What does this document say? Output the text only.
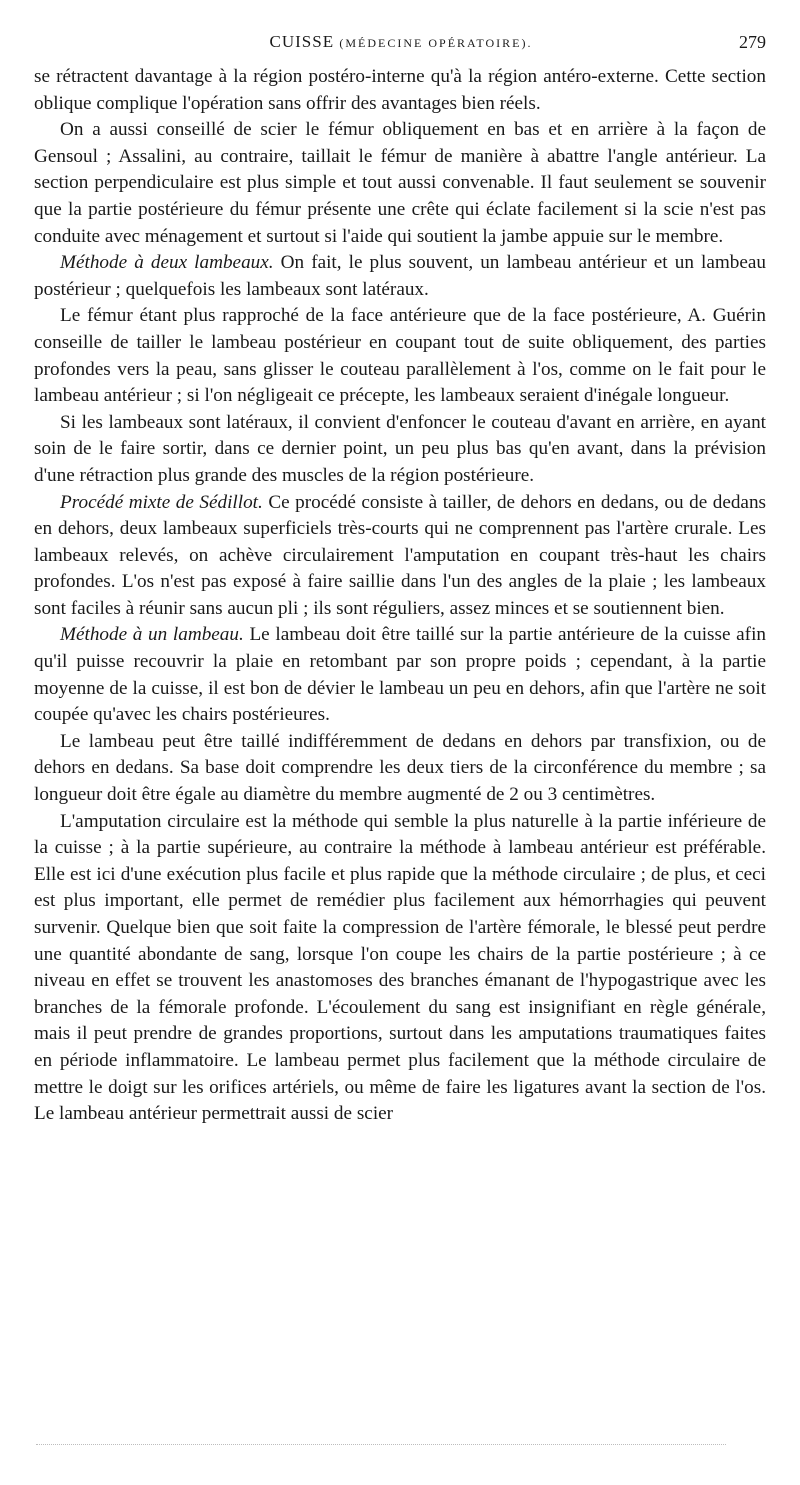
CUISSE (MÉDECINE OPÉRATOIRE).	279

se rétractent davantage à la région postéro-interne qu'à la région antéro-externe. Cette section oblique complique l'opération sans offrir des avantages bien réels.

On a aussi conseillé de scier le fémur obliquement en bas et en arrière à la façon de Gensoul ; Assalini, au contraire, taillait le fémur de manière à abattre l'angle antérieur. La section perpendiculaire est plus simple et tout aussi convenable. Il faut seulement se souvenir que la partie postérieure du fémur présente une crête qui éclate facilement si la scie n'est pas conduite avec ménagement et surtout si l'aide qui soutient la jambe appuie sur le membre.

Méthode à deux lambeaux. On fait, le plus souvent, un lambeau antérieur et un lambeau postérieur ; quelquefois les lambeaux sont latéraux.

Le fémur étant plus rapproché de la face antérieure que de la face postérieure, A. Guérin conseille de tailler le lambeau postérieur en coupant tout de suite obliquement, des parties profondes vers la peau, sans glisser le couteau parallèlement à l'os, comme on le fait pour le lambeau antérieur ; si l'on négligeait ce précepte, les lambeaux seraient d'inégale longueur.

Si les lambeaux sont latéraux, il convient d'enfoncer le couteau d'avant en arrière, en ayant soin de le faire sortir, dans ce dernier point, un peu plus bas qu'en avant, dans la prévision d'une rétraction plus grande des muscles de la région postérieure.

Procédé mixte de Sédillot. Ce procédé consiste à tailler, de dehors en dedans, ou de dedans en dehors, deux lambeaux superficiels très-courts qui ne comprennent pas l'artère crurale. Les lambeaux relevés, on achève circulairement l'amputation en coupant très-haut les chairs profondes. L'os n'est pas exposé à faire saillie dans l'un des angles de la plaie ; les lambeaux sont faciles à réunir sans aucun pli ; ils sont réguliers, assez minces et se soutiennent bien.

Méthode à un lambeau. Le lambeau doit être taillé sur la partie antérieure de la cuisse afin qu'il puisse recouvrir la plaie en retombant par son propre poids ; cependant, à la partie moyenne de la cuisse, il est bon de dévier le lambeau un peu en dehors, afin que l'artère ne soit coupée qu'avec les chairs postérieures.

Le lambeau peut être taillé indifféremment de dedans en dehors par transfixion, ou de dehors en dedans. Sa base doit comprendre les deux tiers de la circonférence du membre ; sa longueur doit être égale au diamètre du membre augmenté de 2 ou 3 centimètres.

L'amputation circulaire est la méthode qui semble la plus naturelle à la partie inférieure de la cuisse ; à la partie supérieure, au contraire la méthode à lambeau antérieur est préférable. Elle est ici d'une exécution plus facile et plus rapide que la méthode circulaire ; de plus, et ceci est plus important, elle permet de remédier plus facilement aux hémorrhagies qui peuvent survenir. Quelque bien que soit faite la compression de l'artère fémorale, le blessé peut perdre une quantité abondante de sang, lorsque l'on coupe les chairs de la partie postérieure ; à ce niveau en effet se trouvent les anastomoses des branches émanant de l'hypogastrique avec les branches de la fémorale profonde. L'écoulement du sang est insignifiant en règle générale, mais il peut prendre de grandes proportions, surtout dans les amputations traumatiques faites en période inflammatoire. Le lambeau permet plus facilement que la méthode circulaire de mettre le doigt sur les orifices artériels, ou même de faire les ligatures avant la section de l'os. Le lambeau antérieur permettrait aussi de scier
